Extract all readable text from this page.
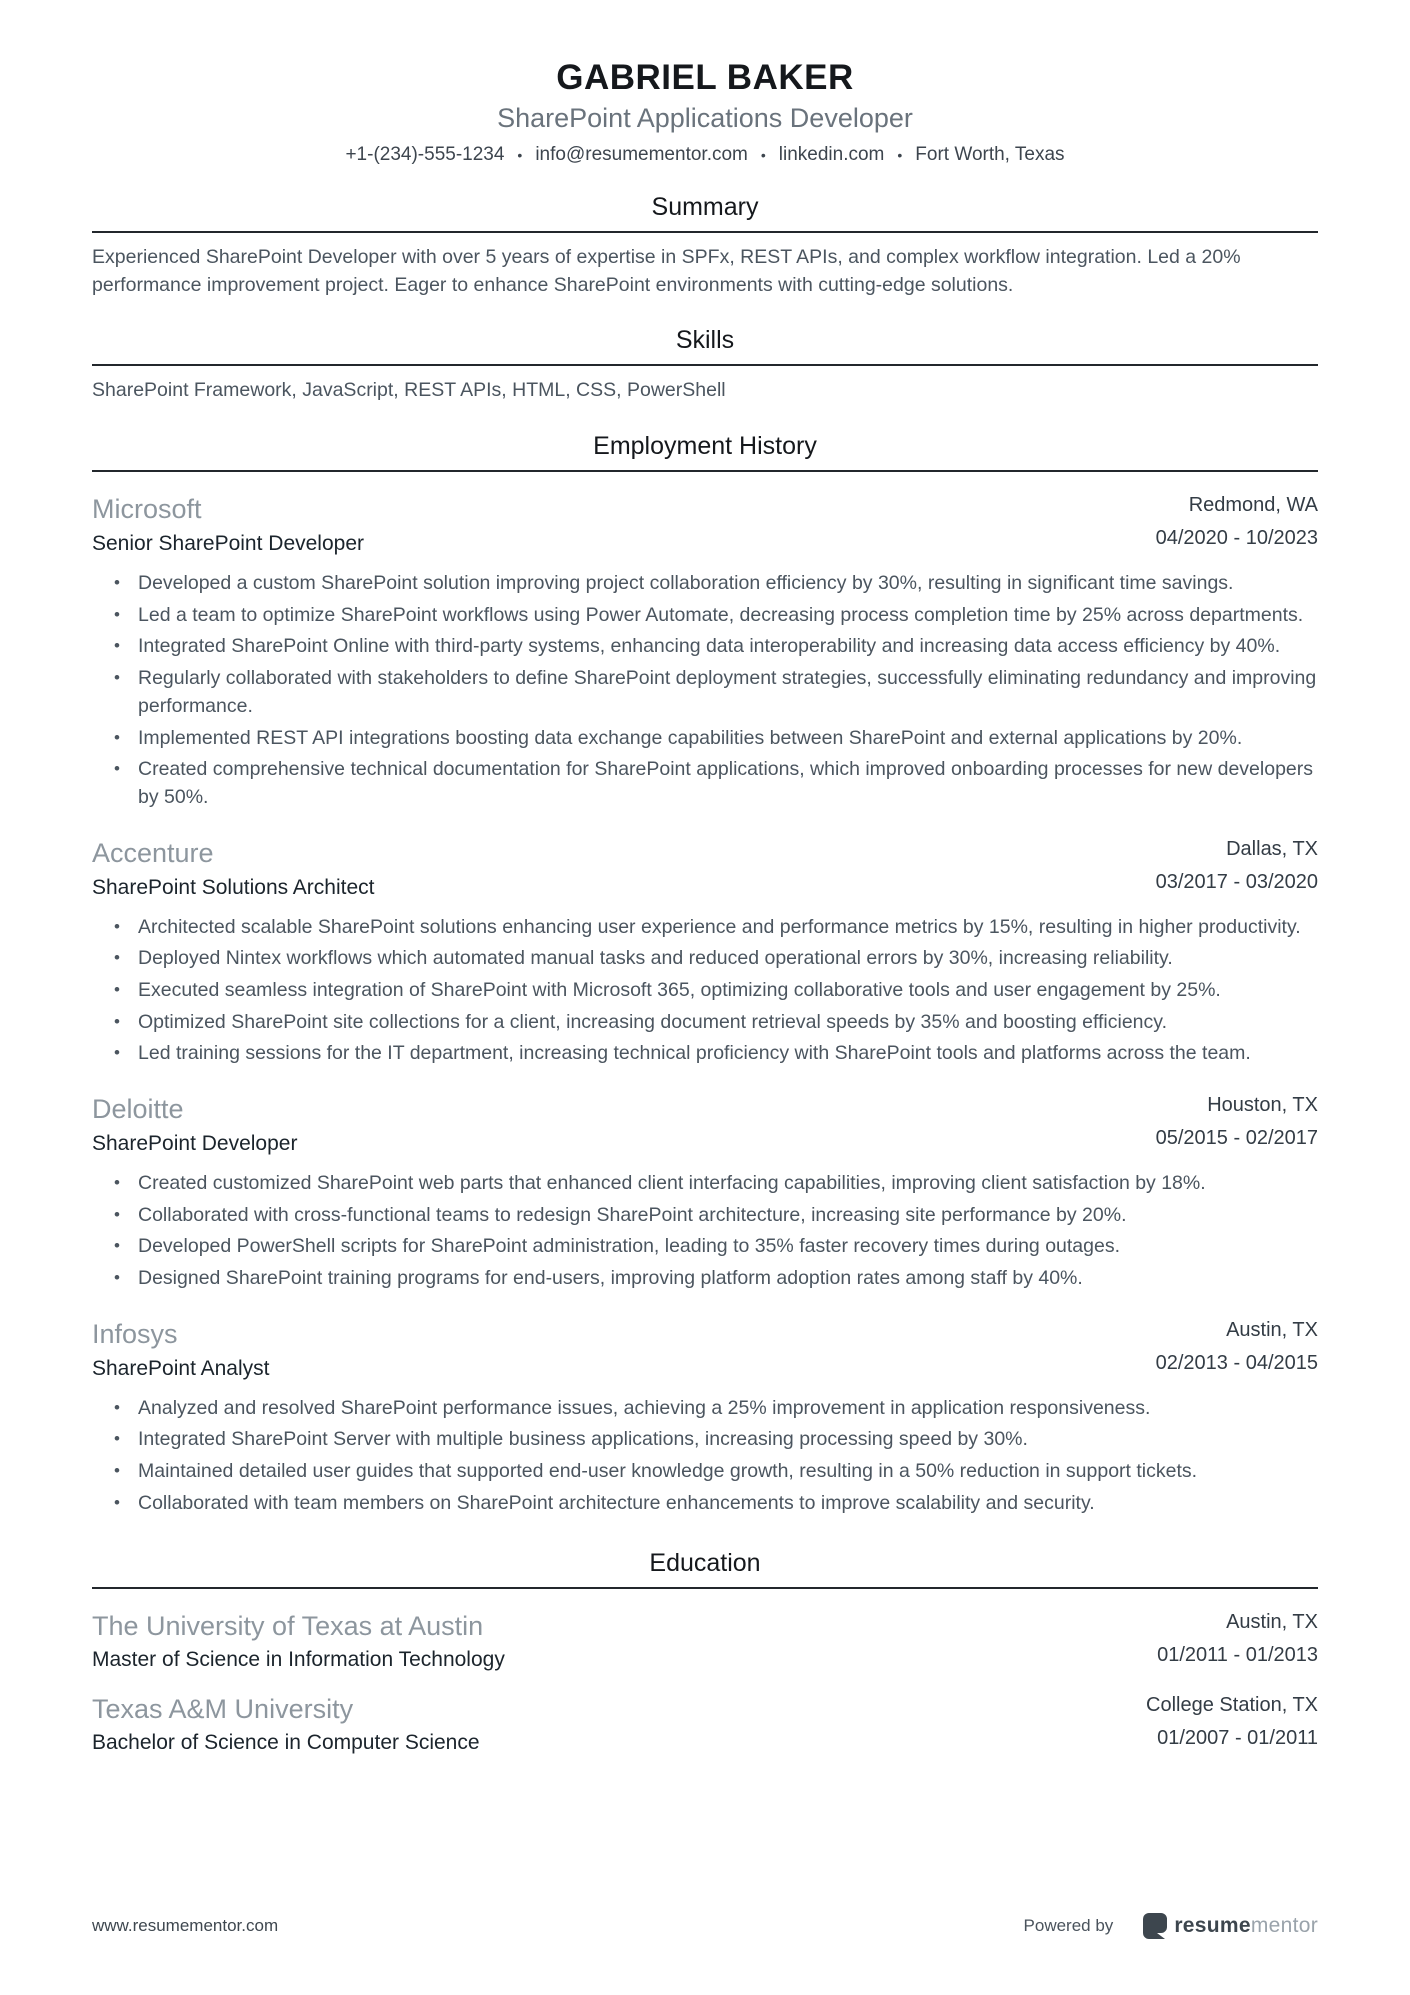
GABRIEL BAKER
SharePoint Applications Developer
+1-(234)-555-1234 • info@resumementor.com • linkedin.com • Fort Worth, Texas
Summary
Experienced SharePoint Developer with over 5 years of expertise in SPFx, REST APIs, and complex workflow integration. Led a 20% performance improvement project. Eager to enhance SharePoint environments with cutting-edge solutions.
Skills
SharePoint Framework, JavaScript, REST APIs, HTML, CSS, PowerShell
Employment History
Microsoft
Senior SharePoint Developer
Redmond, WA
04/2020 - 10/2023
• Developed a custom SharePoint solution improving project collaboration efficiency by 30%, resulting in significant time savings.
• Led a team to optimize SharePoint workflows using Power Automate, decreasing process completion time by 25% across departments.
• Integrated SharePoint Online with third-party systems, enhancing data interoperability and increasing data access efficiency by 40%.
• Regularly collaborated with stakeholders to define SharePoint deployment strategies, successfully eliminating redundancy and improving performance.
• Implemented REST API integrations boosting data exchange capabilities between SharePoint and external applications by 20%.
• Created comprehensive technical documentation for SharePoint applications, which improved onboarding processes for new developers by 50%.
Accenture
SharePoint Solutions Architect
Dallas, TX
03/2017 - 03/2020
• Architected scalable SharePoint solutions enhancing user experience and performance metrics by 15%, resulting in higher productivity.
• Deployed Nintex workflows which automated manual tasks and reduced operational errors by 30%, increasing reliability.
• Executed seamless integration of SharePoint with Microsoft 365, optimizing collaborative tools and user engagement by 25%.
• Optimized SharePoint site collections for a client, increasing document retrieval speeds by 35% and boosting efficiency.
• Led training sessions for the IT department, increasing technical proficiency with SharePoint tools and platforms across the team.
Deloitte
SharePoint Developer
Houston, TX
05/2015 - 02/2017
• Created customized SharePoint web parts that enhanced client interfacing capabilities, improving client satisfaction by 18%.
• Collaborated with cross-functional teams to redesign SharePoint architecture, increasing site performance by 20%.
• Developed PowerShell scripts for SharePoint administration, leading to 35% faster recovery times during outages.
• Designed SharePoint training programs for end-users, improving platform adoption rates among staff by 40%.
Infosys
SharePoint Analyst
Austin, TX
02/2013 - 04/2015
• Analyzed and resolved SharePoint performance issues, achieving a 25% improvement in application responsiveness.
• Integrated SharePoint Server with multiple business applications, increasing processing speed by 30%.
• Maintained detailed user guides that supported end-user knowledge growth, resulting in a 50% reduction in support tickets.
• Collaborated with team members on SharePoint architecture enhancements to improve scalability and security.
Education
The University of Texas at Austin
Master of Science in Information Technology
Austin, TX
01/2011 - 01/2013
Texas A&M University
Bachelor of Science in Computer Science
College Station, TX
01/2007 - 01/2011
www.resumementor.com	Powered by	resumementor
